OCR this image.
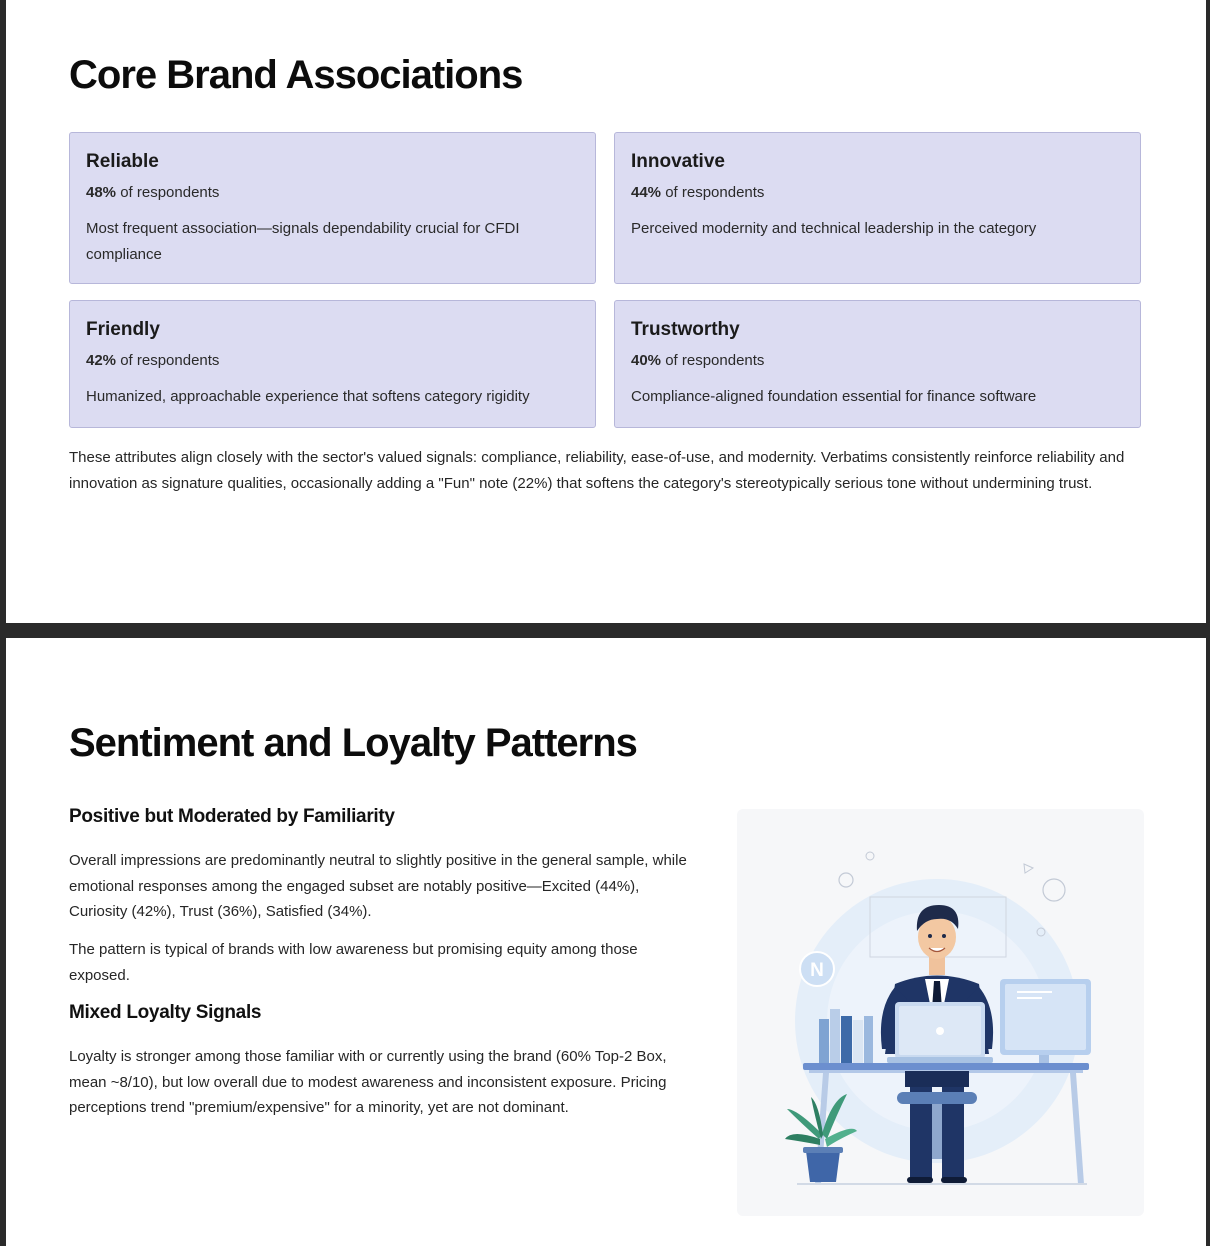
Core Brand Associations
Reliable
48% of respondents
Most frequent association—signals dependability crucial for CFDI compliance
Innovative
44% of respondents
Perceived modernity and technical leadership in the category
Friendly
42% of respondents
Humanized, approachable experience that softens category rigidity
Trustworthy
40% of respondents
Compliance-aligned foundation essential for finance software

These attributes align closely with the sector's valued signals: compliance, reliability, ease-of-use, and modernity. Verbatims consistently reinforce reliability and innovation as signature qualities, occasionally adding a "Fun" note (22%) that softens the category's stereotypically serious tone without undermining trust.

Sentiment and Loyalty Patterns
Positive but Moderated by Familiarity

Overall impressions are predominantly neutral to slightly positive in the general sample, while emotional responses among the engaged subset are notably positive—Excited (44%), Curiosity (42%), Trust (36%), Satisfied (34%).

The pattern is typical of brands with low awareness but promising equity among those exposed.

Mixed Loyalty Signals

Loyalty is stronger among those familiar with or currently using the brand (60% Top-2 Box, mean ~8/10), but low overall due to modest awareness and inconsistent exposure. Pricing perceptions trend "premium/expensive" for a minority, yet are not dominant.

N
